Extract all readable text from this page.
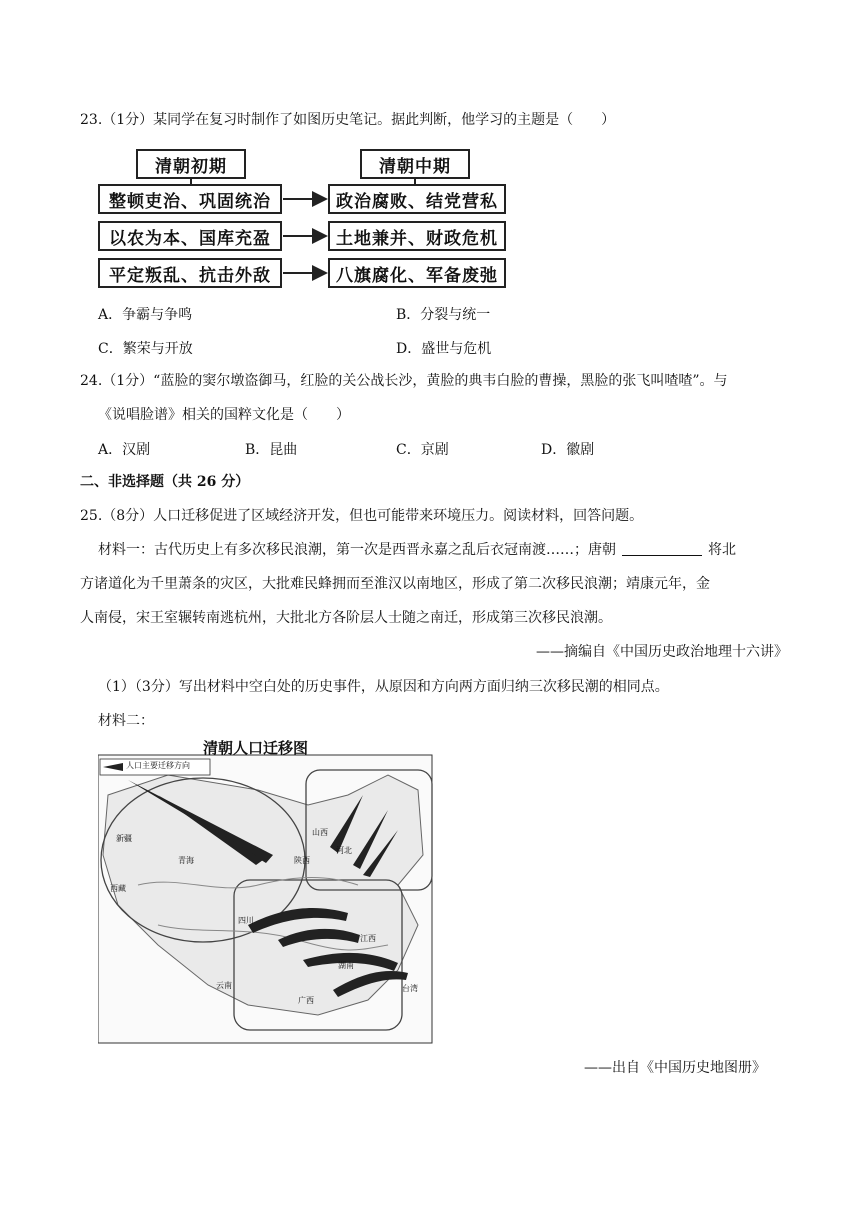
23.（1分）某同学在复习时制作了如图历史笔记。据此判断，他学习的主题是（　　）
清朝初期	清朝中期
整顿吏治、巩固统治
以农为本、国库充盈
平定叛乱、抗击外敌
政治腐败、结党营私
土地兼并、财政危机
八旗腐化、军备废弛
A．争霸与争鸣	B．分裂与统一
C．繁荣与开放	D．盛世与危机
24.（1分）“蓝脸的窦尔墩盗御马，红脸的关公战长沙，黄脸的典韦白脸的曹操，黑脸的张飞叫喳喳”。与
《说唱脸谱》相关的国粹文化是（　　）
A．汉剧	B．昆曲	C．京剧	D．徽剧
二、非选择题（共 26 分）
25.（8分）人口迁移促进了区域经济开发，但也可能带来环境压力。阅读材料，回答问题。
材料一：古代历史上有多次移民浪潮，第一次是西晋永嘉之乱后衣冠南渡……；唐朝	将北
方诸道化为千里萧条的灾区，大批难民蜂拥而至淮汉以南地区，形成了第二次移民浪潮；靖康元年，金
人南侵，宋王室辗转南逃杭州，大批北方各阶层人士随之南迁，形成第三次移民浪潮。
——摘编自《中国历史政治地理十六讲》
（1）（3分）写出材料中空白处的历史事件，从原因和方向两方面归纳三次移民潮的相同点。
材料二：
清朝人口迁移图
人口主要迁移方向
新疆
青海
西藏
四川
云南
湖南
广西
江西
河北
山西
陕西
台湾
——出自《中国历史地图册》
